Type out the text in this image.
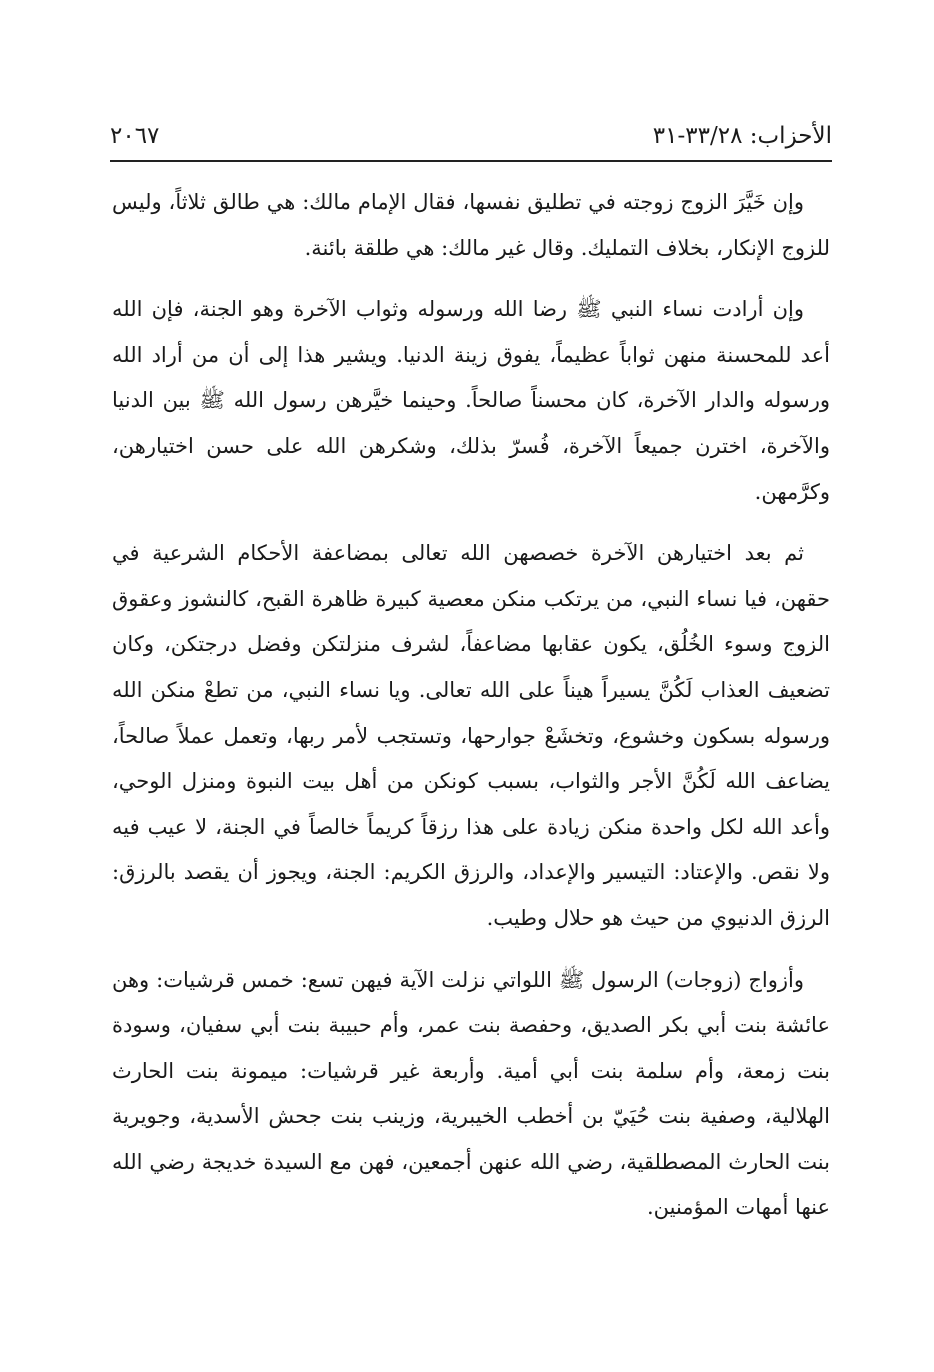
الأحزاب: ٣٣/٢٨-٣١
٢٠٦٧

وإن خَيَّرَ الزوج زوجته في تطليق نفسها، فقال الإمام مالك: هي طالق ثلاثاً، وليس للزوج الإنكار، بخلاف التمليك. وقال غير مالك: هي طلقة بائنة.

وإن أرادت نساء النبي ﷺ رضا الله ورسوله وثواب الآخرة وهو الجنة، فإن الله أعد للمحسنة منهن ثواباً عظيماً، يفوق زينة الدنيا. ويشير هذا إلى أن من أراد الله ورسوله والدار الآخرة، كان محسناً صالحاً. وحينما خيَّرهن رسول الله ﷺ بين الدنيا والآخرة، اخترن جميعاً الآخرة، فُسرّ بذلك، وشكرهن الله على حسن اختيارهن، وكرَّمهن.

ثم بعد اختيارهن الآخرة خصصهن الله تعالى بمضاعفة الأحكام الشرعية في حقهن، فيا نساء النبي، من يرتكب منكن معصية كبيرة ظاهرة القبح، كالنشوز وعقوق الزوج وسوء الخُلُق، يكون عقابها مضاعفاً، لشرف منزلتكن وفضل درجتكن، وكان تضعيف العذاب لَكُنَّ يسيراً هيناً على الله تعالى. ويا نساء النبي، من تطعْ منكن الله ورسوله بسكون وخشوع، وتخشَعْ جوارحها، وتستجب لأمر ربها، وتعمل عملاً صالحاً، يضاعف الله لَكُنَّ الأجر والثواب، بسبب كونكن من أهل بيت النبوة ومنزل الوحي، وأعد الله لكل واحدة منكن زيادة على هذا رزقاً كريماً خالصاً في الجنة، لا عيب فيه ولا نقص. والإعتاد: التيسير والإعداد، والرزق الكريم: الجنة، ويجوز أن يقصد بالرزق: الرزق الدنيوي من حيث هو حلال وطيب.

وأزواج (زوجات) الرسول ﷺ اللواتي نزلت الآية فيهن تسع: خمس قرشيات: وهن عائشة بنت أبي بكر الصديق، وحفصة بنت عمر، وأم حبيبة بنت أبي سفيان، وسودة بنت زمعة، وأم سلمة بنت أبي أمية. وأربعة غير قرشيات: ميمونة بنت الحارث الهلالية، وصفية بنت حُيَيّ بن أخطب الخيبرية، وزينب بنت جحش الأسدية، وجويرية بنت الحارث المصطلقية، رضي الله عنهن أجمعين، فهن مع السيدة خديجة رضي الله عنها أمهات المؤمنين.
